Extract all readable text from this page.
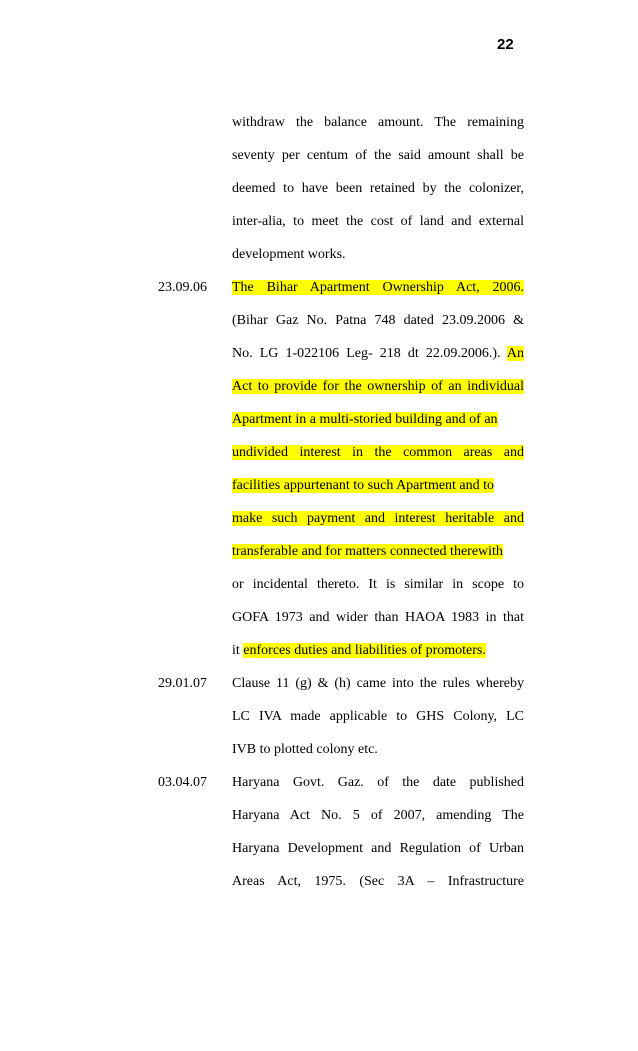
22
withdraw the balance amount. The remaining
seventy per centum of the said amount shall be
deemed to have been retained by the colonizer,
inter-alia, to meet the cost of land and external
development works.
23.09.06 The Bihar Apartment Ownership Act, 2006.
(Bihar Gaz No. Patna 748 dated 23.09.2006 &
No. LG 1-022106 Leg- 218 dt 22.09.2006.). An
Act to provide for the ownership of an individual
Apartment in a multi-storied building and of an
undivided interest in the common areas and
facilities appurtenant to such Apartment and to
make such payment and interest heritable and
transferable and for matters connected therewith
or incidental thereto. It is similar in scope to
GOFA 1973 and wider than HAOA 1983 in that
it enforces duties and liabilities of promoters.
29.01.07 Clause 11 (g) & (h) came into the rules whereby
LC IVA made applicable to GHS Colony, LC
IVB to plotted colony etc.
03.04.07 Haryana Govt. Gaz. of the date published
Haryana Act No. 5 of 2007, amending The
Haryana Development and Regulation of Urban
Areas Act, 1975. (Sec 3A – Infrastructure
